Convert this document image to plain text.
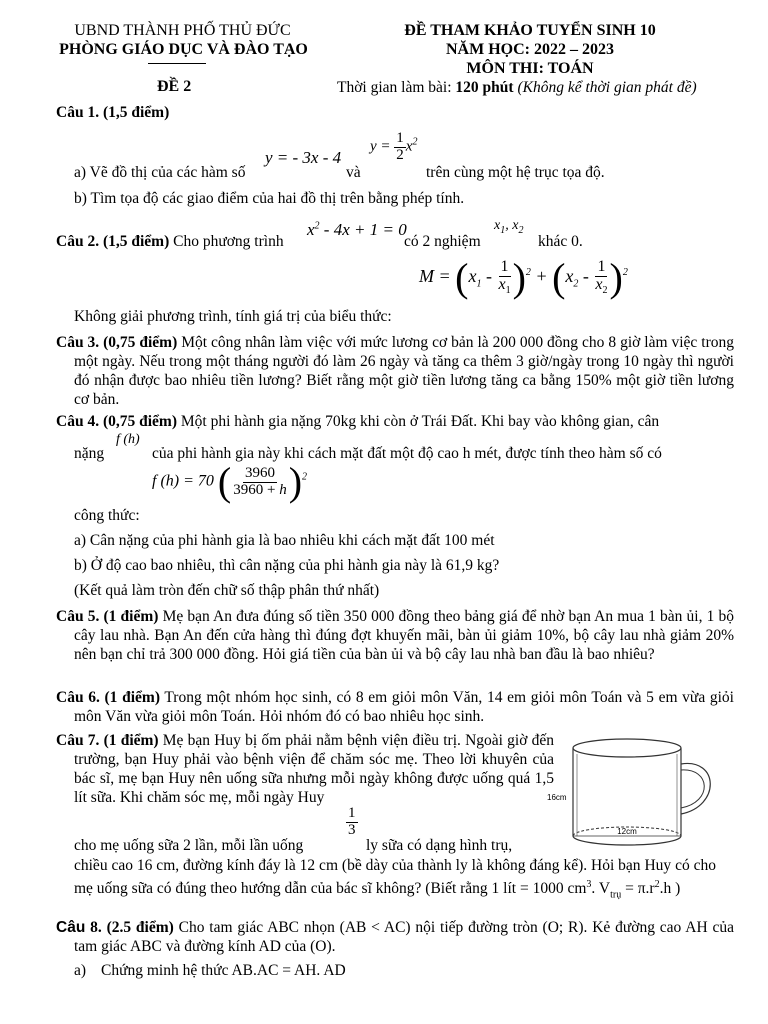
UBND THÀNH PHỐ THỦ ĐỨC
PHÒNG GIÁO DỤC VÀ ĐÀO TẠO
ĐỀ 2
ĐỀ THAM KHẢO TUYỂN SINH 10
NĂM HỌC: 2022 – 2023
MÔN THI: TOÁN
Thời gian làm bài: 120 phút (Không kể thời gian phát đề)
Câu 1. (1,5 điểm)
a) Vẽ đồ thị của các hàm số
y = - 3x - 4
và
$y = \frac{1}{2} x^2$
trên cùng một hệ trục tọa độ.
b) Tìm tọa độ các giao điểm của hai đồ thị trên bằng phép tính.
Câu 2. (1,5 điểm) Cho phương trình
$x^2 - 4x + 1 = 0$
có 2 nghiệm
$x_1$, $x_2$
khác 0.
$M = (x_1 - \frac{1}{x_1} )^2 + (x_2 - \frac{1}{x_2} )^2$
Không giải phương trình, tính giá trị của biểu thức:
Câu 3. (0,75 điểm) Một công nhân làm việc với mức lương cơ bản là 200 000 đồng cho 8 giờ làm việc trong một ngày. Nếu trong một tháng người đó làm 26 ngày và tăng ca thêm 3 giờ/ngày trong 10 ngày thì người đó nhận được bao nhiêu tiền lương? Biết rằng một giờ tiền lương tăng ca bằng 150% một giờ tiền lương cơ bản.
Câu 4. (0,75 điểm) Một phi hành gia nặng 70kg khi còn ở Trái Đất. Khi bay vào không gian, cân
nặng
f (h)
của phi hành gia này khi cách mặt đất một độ cao h mét, được tính theo hàm số có
f (h) = 70 ( $\frac{3960}{3960 + h} )^2$
công thức:
a) Cân nặng của phi hành gia là bao nhiêu khi cách mặt đất 100 mét
b) Ở độ cao bao nhiêu, thì cân nặng của phi hành gia này là 61,9 kg?
(Kết quả làm tròn đến chữ số thập phân thứ nhất)
Câu 5. (1 điểm) Mẹ bạn An đưa đúng số tiền 350 000 đồng theo bảng giá để nhờ bạn An mua 1 bàn ủi, 1 bộ cây lau nhà. Bạn An đến cửa hàng thì đúng đợt khuyến mãi, bàn ủi giảm 10%, bộ cây lau nhà giảm 20% nên bạn chỉ trả 300 000 đồng. Hỏi giá tiền của bàn ủi và bộ cây lau nhà ban đầu là bao nhiêu?
Câu 6. (1 điểm) Trong một nhóm học sinh, có 8 em giỏi môn Văn, 14 em giỏi môn Toán và 5 em vừa giỏi môn Văn vừa giỏi môn Toán. Hỏi nhóm đó có bao nhiêu học sinh.
Câu 7. (1 điểm) Mẹ bạn Huy bị ốm phải nằm bệnh viện điều trị. Ngoài giờ đến trường, bạn Huy phải vào bệnh viện để chăm sóc mẹ. Theo lời khuyên của bác sĩ, mẹ bạn Huy nên uống sữa nhưng mỗi ngày không được uống quá 1,5 lít sữa. Khi chăm sóc mẹ, mỗi ngày Huy
cho mẹ uống sữa 2 lần, mỗi lần uống
$\frac{1}{3}$
ly sữa có dạng hình trụ,
chiều cao 16 cm, đường kính đáy là 12 cm (bề dày của thành ly là không đáng kể). Hỏi bạn Huy có cho mẹ uống sữa có đúng theo hướng dẫn của bác sĩ không? (Biết rằng 1 lít = 1000 $cm^3$. $V_{trụ} = \pi.r^2.h$ )
12cm
16cm
Câu 8. (2.5 điểm) Cho tam giác ABC nhọn (AB < AC) nội tiếp đường tròn (O; R). Kẻ đường cao AH của tam giác ABC và đường kính AD của (O).
a) Chứng minh hệ thức AB.AC = AH. AD
